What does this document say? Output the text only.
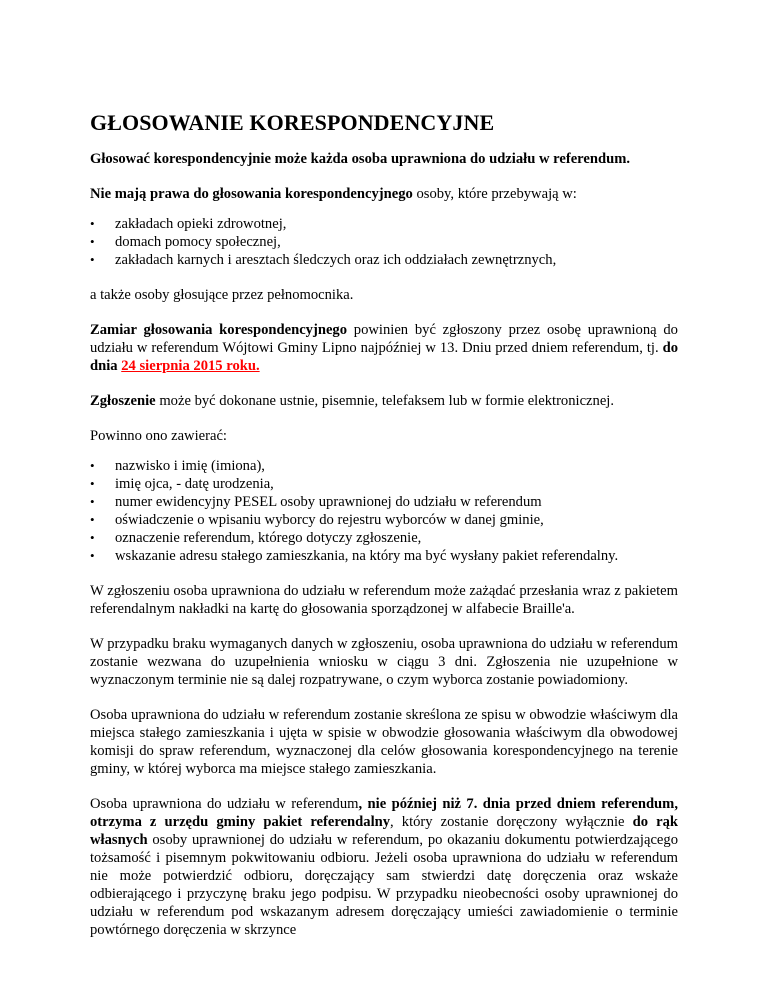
GŁOSOWANIE KORESPONDENCYJNE

Głosować korespondencyjnie może każda osoba uprawniona do udziału w referendum.

Nie mają prawa do głosowania korespondencyjnego osoby, które przebywają w:

• zakładach opieki zdrowotnej,
• domach pomocy społecznej,
• zakładach karnych i aresztach śledczych oraz ich oddziałach zewnętrznych,

a także osoby głosujące przez pełnomocnika.

Zamiar głosowania korespondencyjnego powinien być zgłoszony przez osobę uprawnioną do udziału w referendum Wójtowi Gminy Lipno najpóźniej w 13. Dniu przed dniem referendum, tj. do dnia 24 sierpnia 2015 roku.

Zgłoszenie może być dokonane ustnie, pisemnie, telefaksem lub w formie elektronicznej.

Powinno ono zawierać:

• nazwisko i imię (imiona),
• imię ojca, - datę urodzenia,
• numer ewidencyjny PESEL osoby uprawnionej do udziału w referendum
• oświadczenie o wpisaniu wyborcy do rejestru wyborców w danej gminie,
• oznaczenie referendum, którego dotyczy zgłoszenie,
• wskazanie adresu stałego zamieszkania, na który ma być wysłany pakiet referendalny.

W zgłoszeniu osoba uprawniona do udziału w referendum może zażądać przesłania wraz z pakietem referendalnym nakładki na kartę do głosowania sporządzonej w alfabecie Braille'a.

W przypadku braku wymaganych danych w zgłoszeniu, osoba uprawniona do udziału w referendum zostanie wezwana do uzupełnienia wniosku w ciągu 3 dni. Zgłoszenia nie uzupełnione w wyznaczonym terminie nie są dalej rozpatrywane, o czym wyborca zostanie powiadomiony.

Osoba uprawniona do udziału w referendum zostanie skreślona ze spisu w obwodzie właściwym dla miejsca stałego zamieszkania i ujęta w spisie w obwodzie głosowania właściwym dla obwodowej komisji do spraw referendum, wyznaczonej dla celów głosowania korespondencyjnego na terenie gminy, w której wyborca ma miejsce stałego zamieszkania.

Osoba uprawniona do udziału w referendum, nie później niż 7. dnia przed dniem referendum, otrzyma z urzędu gminy pakiet referendalny, który zostanie doręczony wyłącznie do rąk własnych osoby uprawnionej do udziału w referendum, po okazaniu dokumentu potwierdzającego tożsamość i pisemnym pokwitowaniu odbioru. Jeżeli osoba uprawniona do udziału w referendum nie może potwierdzić odbioru, doręczający sam stwierdzi datę doręczenia oraz wskaże odbierającego i przyczynę braku jego podpisu. W przypadku nieobecności osoby uprawnionej do udziału w referendum pod wskazanym adresem doręczający umieści zawiadomienie o terminie powtórnego doręczenia w skrzynce
